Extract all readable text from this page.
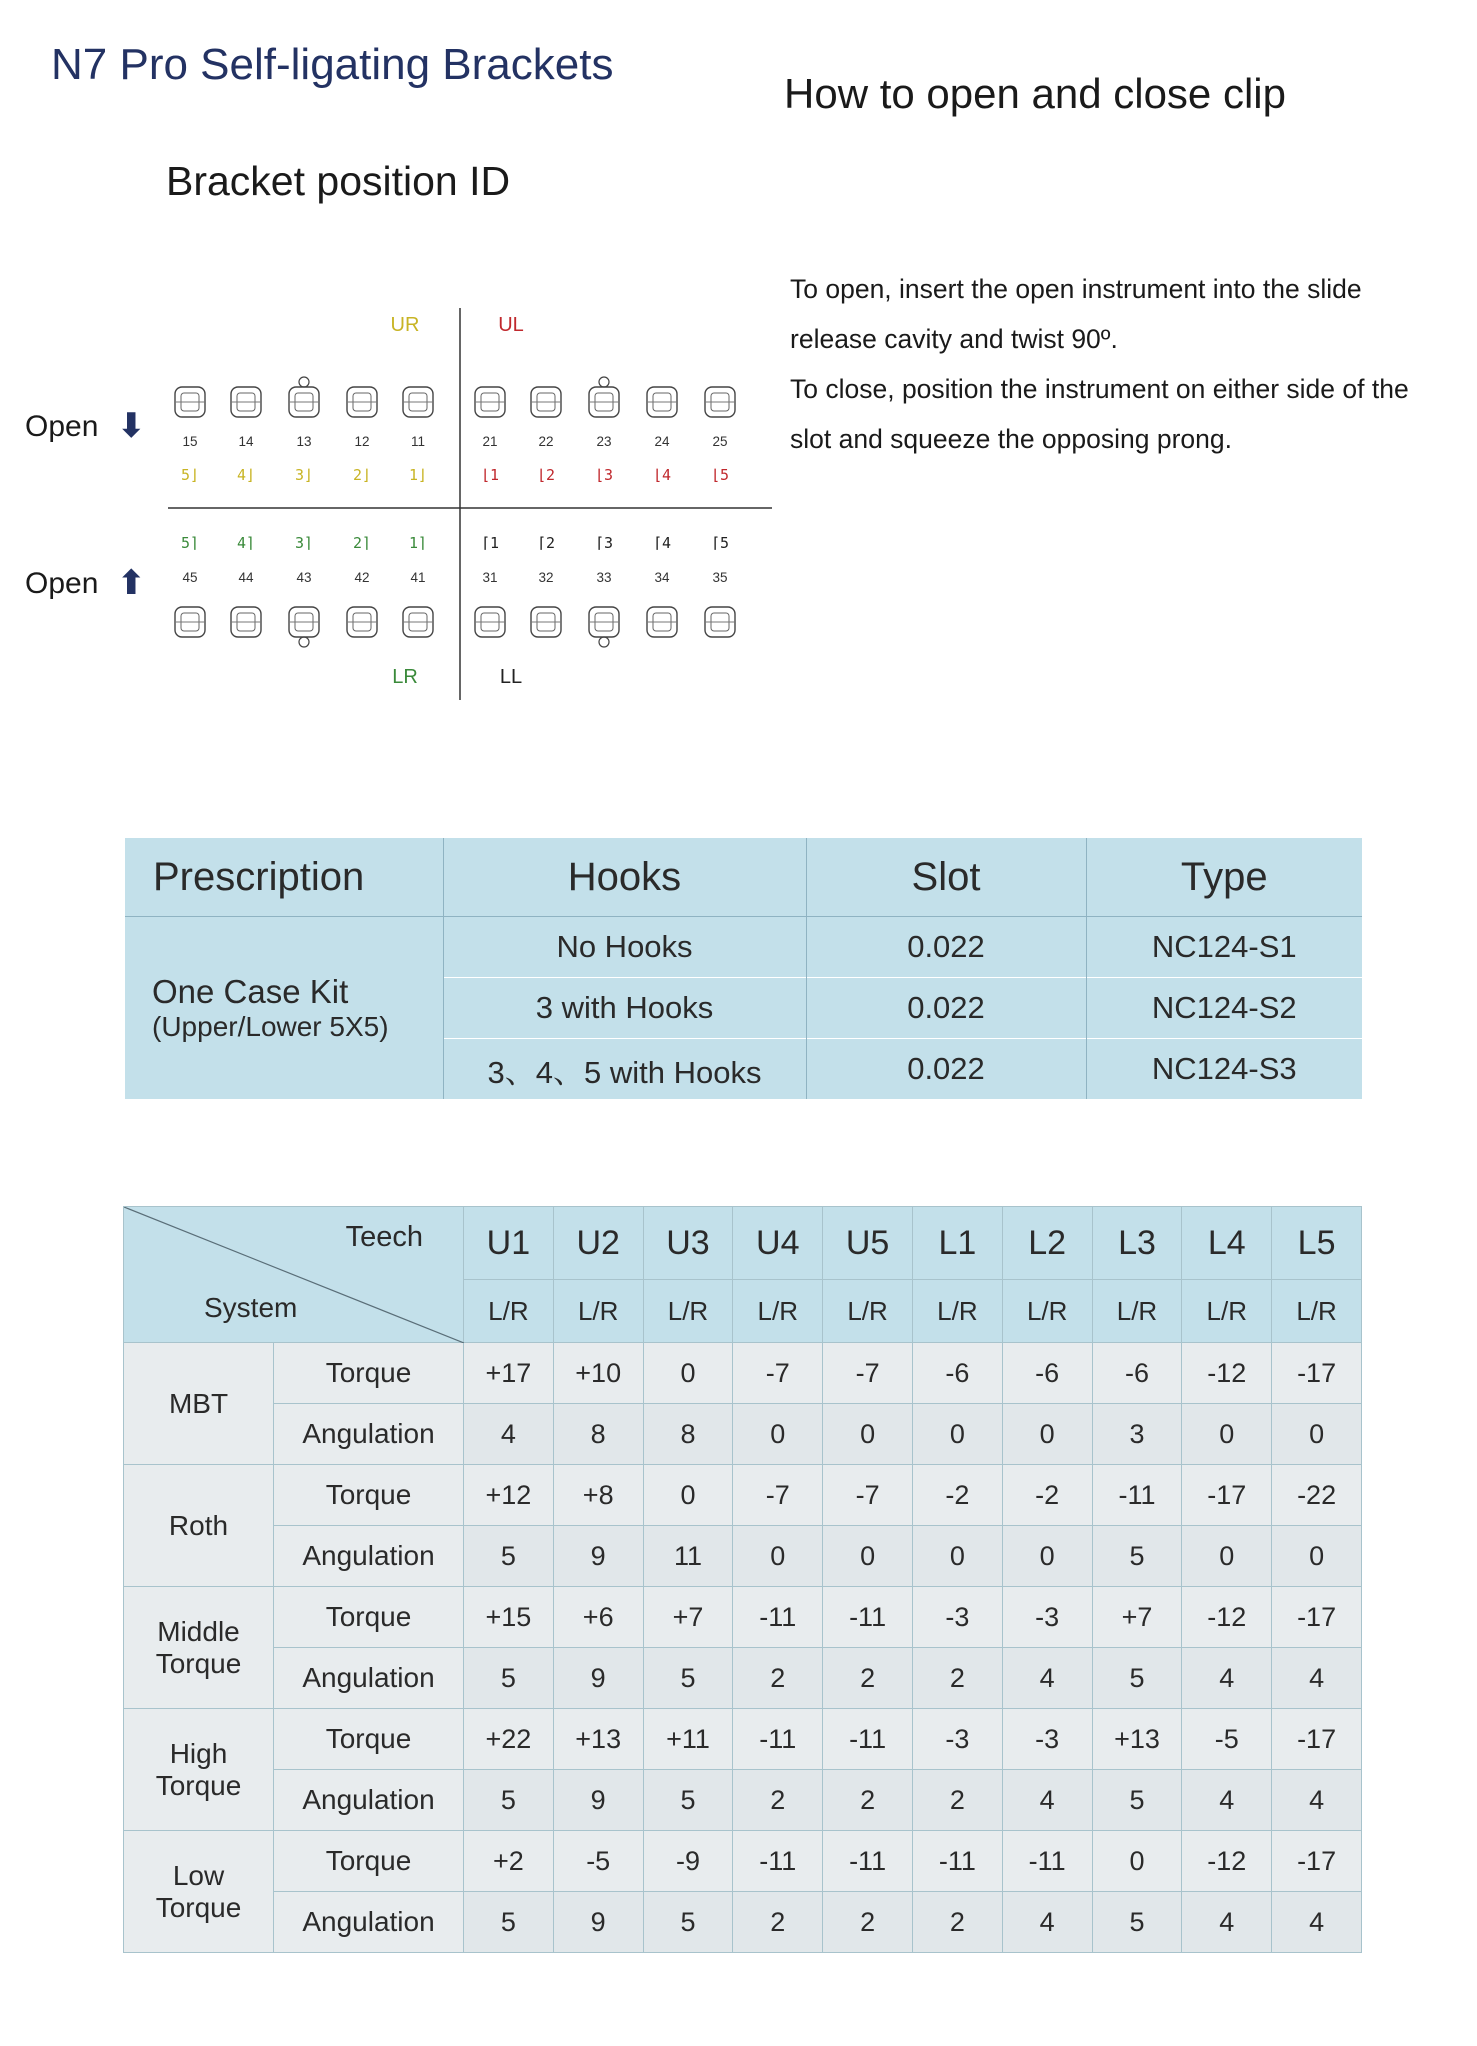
N7 Pro Self-ligating Brackets
How to open and close clip
Bracket position ID

To open, insert the open instrument into the slide

release cavity and twist 90º.

To close, position the instrument on either side of the

slot and squeeze the opposing prong.

UR	UL
LR	LL
Open ⬇
Open ⬆
15
5⌋
5⌉
45
14
4⌋
4⌉
44
13
3⌋
3⌉
43
12
2⌋
2⌉
42
11
1⌋
1⌉
41
21
⌊1
⌈1
31
22
⌊2
⌈2
32
23
⌊3
⌈3
33
24
⌊4
⌈4
34
25
⌊5
⌈5
35
Prescription	Hooks	Slot	Type

One Case Kit
(Upper/Lower 5X5)	No Hooks	0.022	NC124-S1
	3 with Hooks	0.022	NC124-S2
	3、4、5 with Hooks	0.022	NC124-S3
Teech
System		U1	U2	U3	U4	U5	L1	L2	L3	L4	L5
		L/R	L/R	L/R	L/R	L/R	L/R	L/R	L/R	L/R	L/R
MBT	Torque	+17	+10	0	-7	-7	-6	-6	-6	-12	-17
	Angulation	4	8	8	0	0	0	0	3	0	0
Roth	Torque	+12	+8	0	-7	-7	-2	-2	-11	-17	-22
	Angulation	5	9	11	0	0	0	0	5	0	0
Middle
Torque	Torque	+15	+6	+7	-11	-11	-3	-3	+7	-12	-17
	Angulation	5	9	5	2	2	2	4	5	4	4
High
Torque	Torque	+22	+13	+11	-11	-11	-3	-3	+13	-5	-17
	Angulation	5	9	5	2	2	2	4	5	4	4
Low
Torque	Torque	+2	-5	-9	-11	-11	-11	-11	0	-12	-17
	Angulation	5	9	5	2	2	2	4	5	4	4
